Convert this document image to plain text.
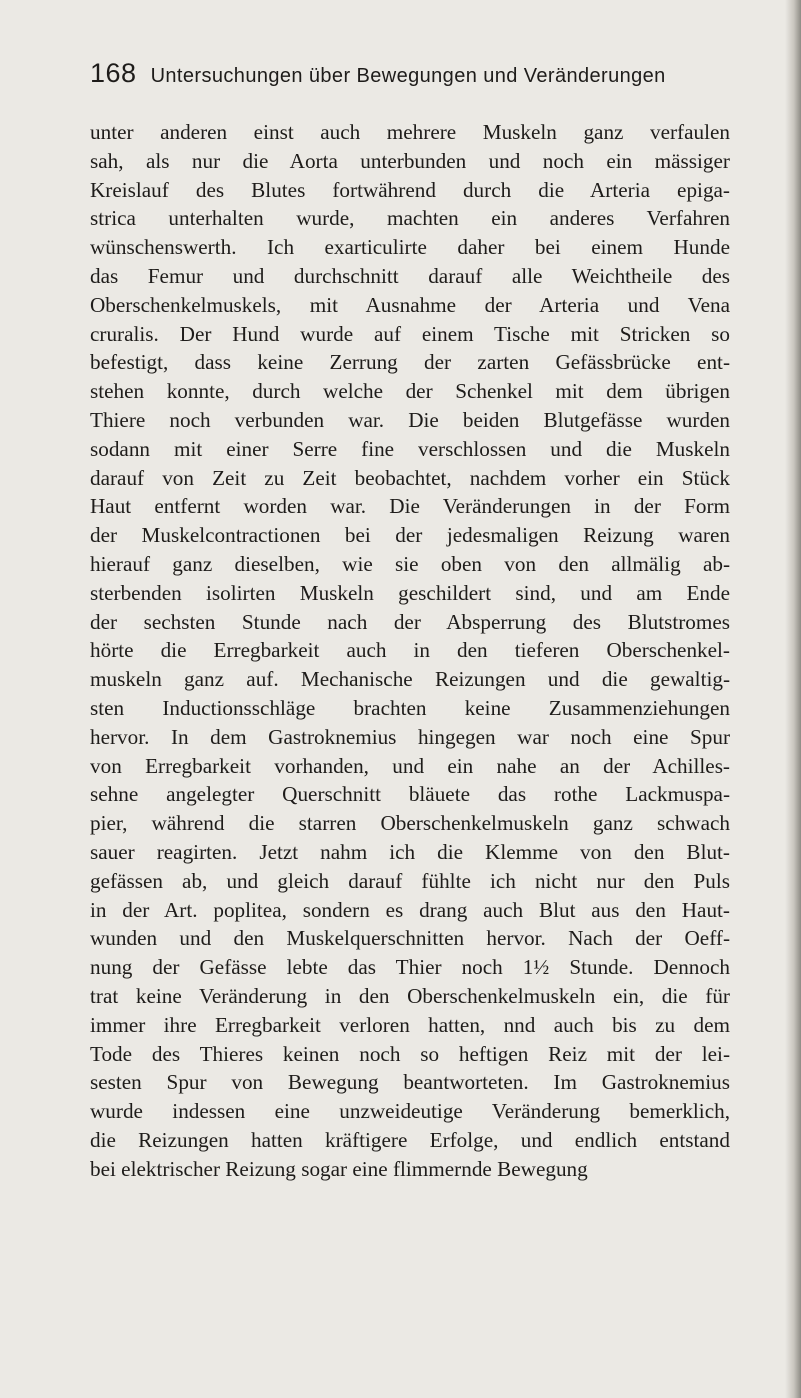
168 Untersuchungen über Bewegungen und Veränderungen
unter anderen einst auch mehrere Muskeln ganz verfaulen
sah, als nur die Aorta unterbunden und noch ein mässiger
Kreislauf des Blutes fortwährend durch die Arteria epiga-
strica unterhalten wurde, machten ein anderes Verfahren
wünschenswerth. Ich exarticulirte daher bei einem Hunde
das Femur und durchschnitt darauf alle Weichtheile des
Oberschenkelmuskels, mit Ausnahme der Arteria und Vena
cruralis. Der Hund wurde auf einem Tische mit Stricken so
befestigt, dass keine Zerrung der zarten Gefässbrücke ent-
stehen konnte, durch welche der Schenkel mit dem übrigen
Thiere noch verbunden war. Die beiden Blutgefässe wurden
sodann mit einer Serre fine verschlossen und die Muskeln
darauf von Zeit zu Zeit beobachtet, nachdem vorher ein Stück
Haut entfernt worden war. Die Veränderungen in der Form
der Muskelcontractionen bei der jedesmaligen Reizung waren
hierauf ganz dieselben, wie sie oben von den allmälig ab-
sterbenden isolirten Muskeln geschildert sind, und am Ende
der sechsten Stunde nach der Absperrung des Blutstromes
hörte die Erregbarkeit auch in den tieferen Oberschenkel-
muskeln ganz auf. Mechanische Reizungen und die gewaltig-
sten Inductionsschläge brachten keine Zusammenziehungen
hervor. In dem Gastroknemius hingegen war noch eine Spur
von Erregbarkeit vorhanden, und ein nahe an der Achilles-
sehne angelegter Querschnitt bläuete das rothe Lackmuspa-
pier, während die starren Oberschenkelmuskeln ganz schwach
sauer reagirten. Jetzt nahm ich die Klemme von den Blut-
gefässen ab, und gleich darauf fühlte ich nicht nur den Puls
in der Art. poplitea, sondern es drang auch Blut aus den Haut-
wunden und den Muskelquerschnitten hervor. Nach der Oeff-
nung der Gefässe lebte das Thier noch 1½ Stunde. Dennoch
trat keine Veränderung in den Oberschenkelmuskeln ein, die für
immer ihre Erregbarkeit verloren hatten, nnd auch bis zu dem
Tode des Thieres keinen noch so heftigen Reiz mit der lei-
sesten Spur von Bewegung beantworteten. Im Gastroknemius
wurde indessen eine unzweideutige Veränderung bemerklich,
die Reizungen hatten kräftigere Erfolge, und endlich entstand
bei elektrischer Reizung sogar eine flimmernde Bewegung
